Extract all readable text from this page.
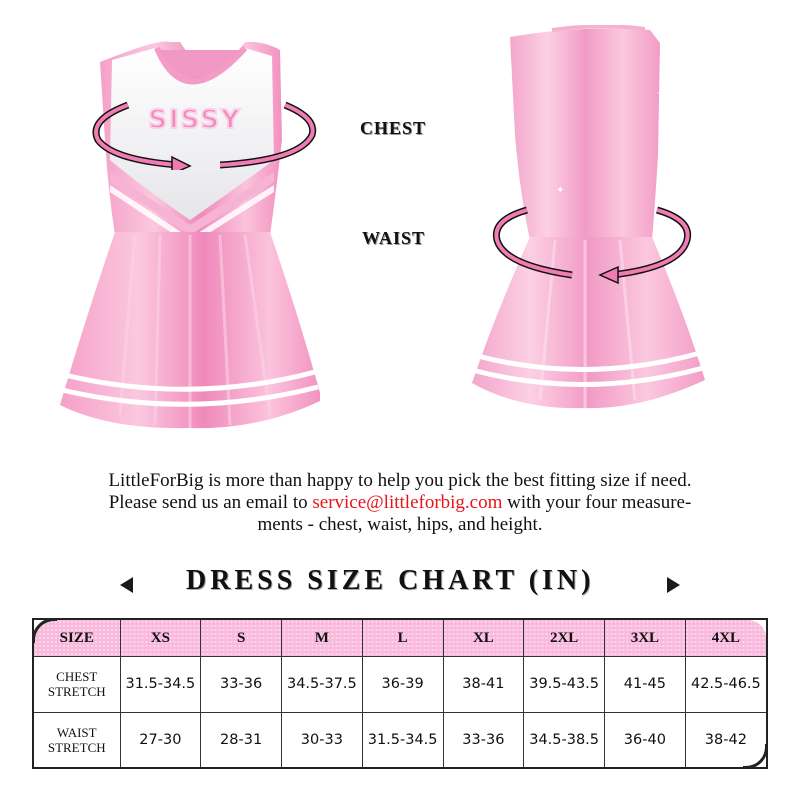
SISSY	CHEST
WAIST
✦
✦
LittleForBig is more than happy to help you pick the best fitting size if need.
Please send us an email to service@littleforbig.com with your four measure-
ments - chest, waist, hips, and height.
DRESS SIZE CHART (IN)
SIZE	XS	S	M	L	XL	2XL	3XL	4XL
CHEST
STRETCH	31.5-34.5	33-36	34.5-37.5	36-39	38-41	39.5-43.5	41-45	42.5-46.5
WAIST
STRETCH	27-30	28-31	30-33	31.5-34.5	33-36	34.5-38.5	36-40	38-42
